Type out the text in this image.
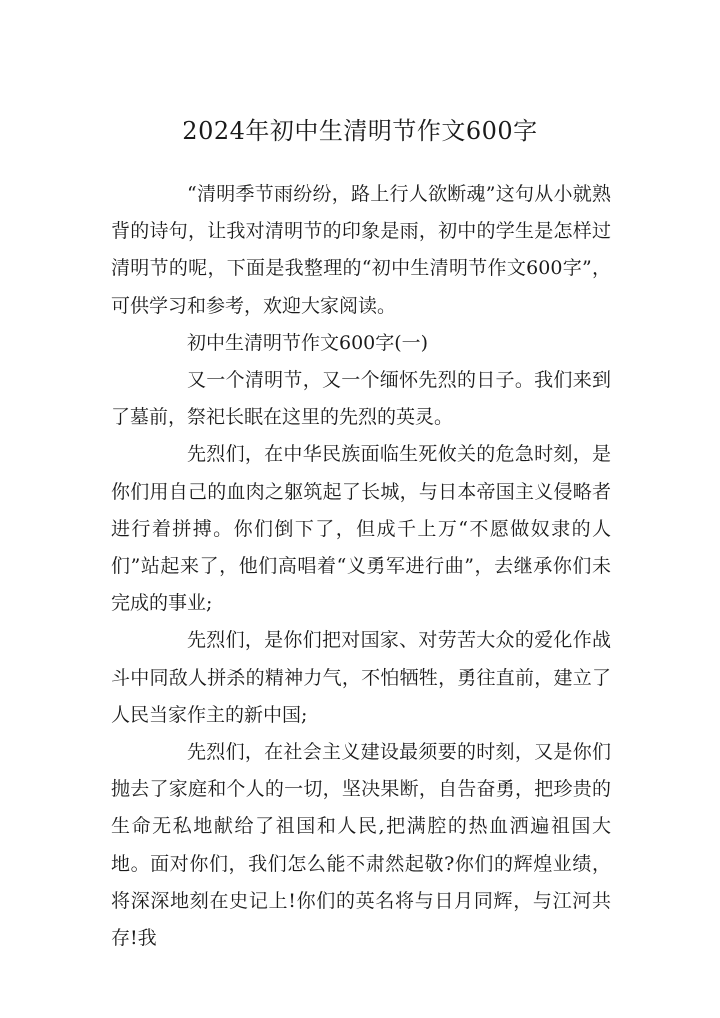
2024年初中生清明节作文600字

“清明季节雨纷纷，路上行人欲断魂”这句从小就熟背的诗句，让我对清明节的印象是雨，初中的学生是怎样过清明节的呢，下面是我整理的“初中生清明节作文600字”，可供学习和参考，欢迎大家阅读。

初中生清明节作文600字(一)

又一个清明节，又一个缅怀先烈的日子。我们来到了墓前，祭祀长眠在这里的先烈的英灵。

先烈们，在中华民族面临生死攸关的危急时刻，是你们用自己的血肉之躯筑起了长城，与日本帝国主义侵略者进行着拼搏。你们倒下了，但成千上万“不愿做奴隶的人们”站起来了，他们高唱着“义勇军进行曲”，去继承你们未完成的事业;

先烈们，是你们把对国家、对劳苦大众的爱化作战斗中同敌人拼杀的精神力气，不怕牺牲，勇往直前，建立了人民当家作主的新中国;

先烈们，在社会主义建设最须要的时刻，又是你们抛去了家庭和个人的一切，坚决果断，自告奋勇，把珍贵的生命无私地献给了祖国和人民,把满腔的热血洒遍祖国大地。面对你们，我们怎么能不肃然起敬?你们的辉煌业绩，将深深地刻在史记上!你们的英名将与日月同辉，与江河共存!我
